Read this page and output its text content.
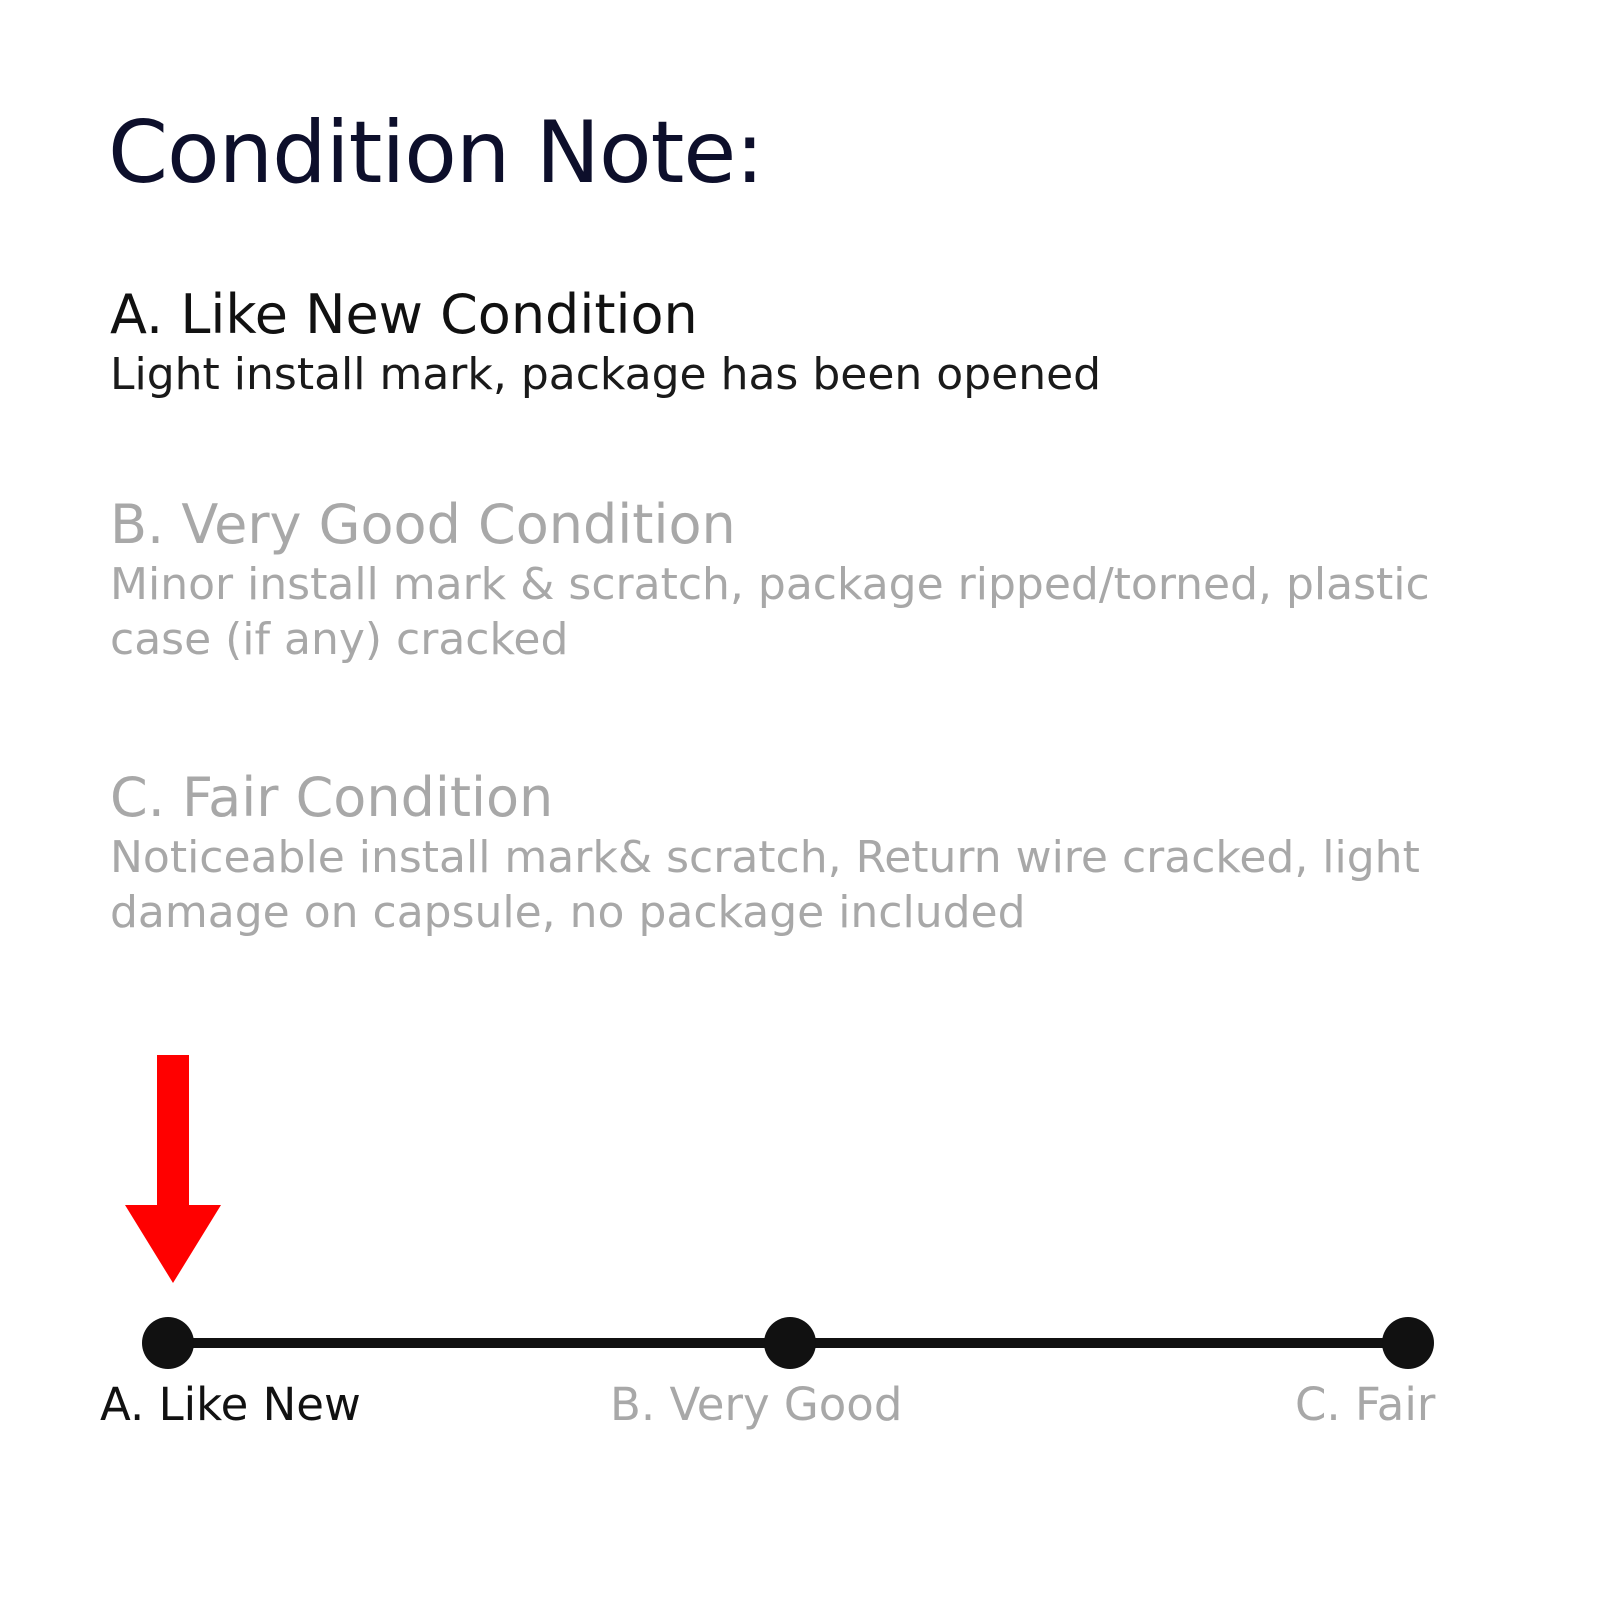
Condition Note:
A. Like New Condition
Light install mark, package has been opened
B. Very Good Condition
Minor install mark & scratch, package ripped/torned, plastic case (if any) cracked
C. Fair Condition
Noticeable install mark& scratch, Return wire cracked, light damage on capsule, no package included
A. Like New	B. Very Good	C. Fair
